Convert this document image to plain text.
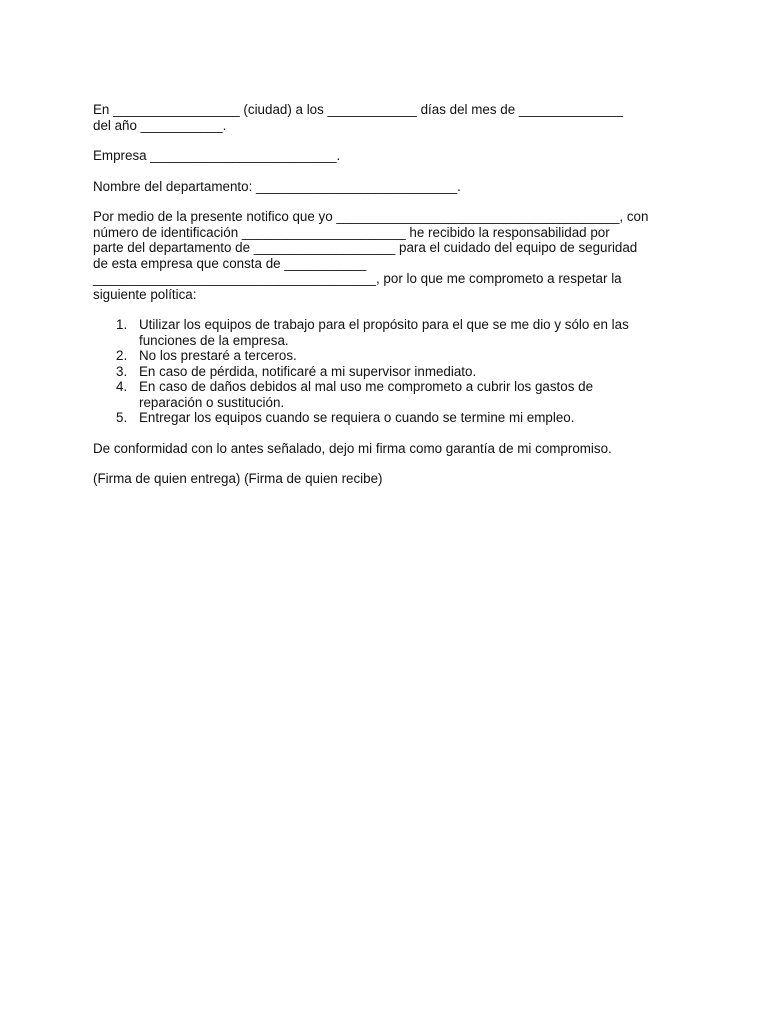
En _________________ (ciudad) a los ____________ días del mes de ______________

del año ___________.

Empresa _________________________.

Nombre del departamento: ___________________________.

Por medio de la presente notifico que yo ______________________________________, con

número de identificación ______________________ he recibido la responsabilidad por

parte del departamento de ___________________ para el cuidado del equipo de seguridad

de esta empresa que consta de ___________

______________________________________, por lo que me comprometo a respetar la

siguiente política:

1. Utilizar los equipos de trabajo para el propósito para el que se me dio y sólo en las
funciones de la empresa.
2. No los prestaré a terceros.
3. En caso de pérdida, notificaré a mi supervisor inmediato.
4. En caso de daños debidos al mal uso me comprometo a cubrir los gastos de
reparación o sustitución.
5. Entregar los equipos cuando se requiera o cuando se termine mi empleo.

De conformidad con lo antes señalado, dejo mi firma como garantía de mi compromiso.

(Firma de quien entrega) (Firma de quien recibe)
